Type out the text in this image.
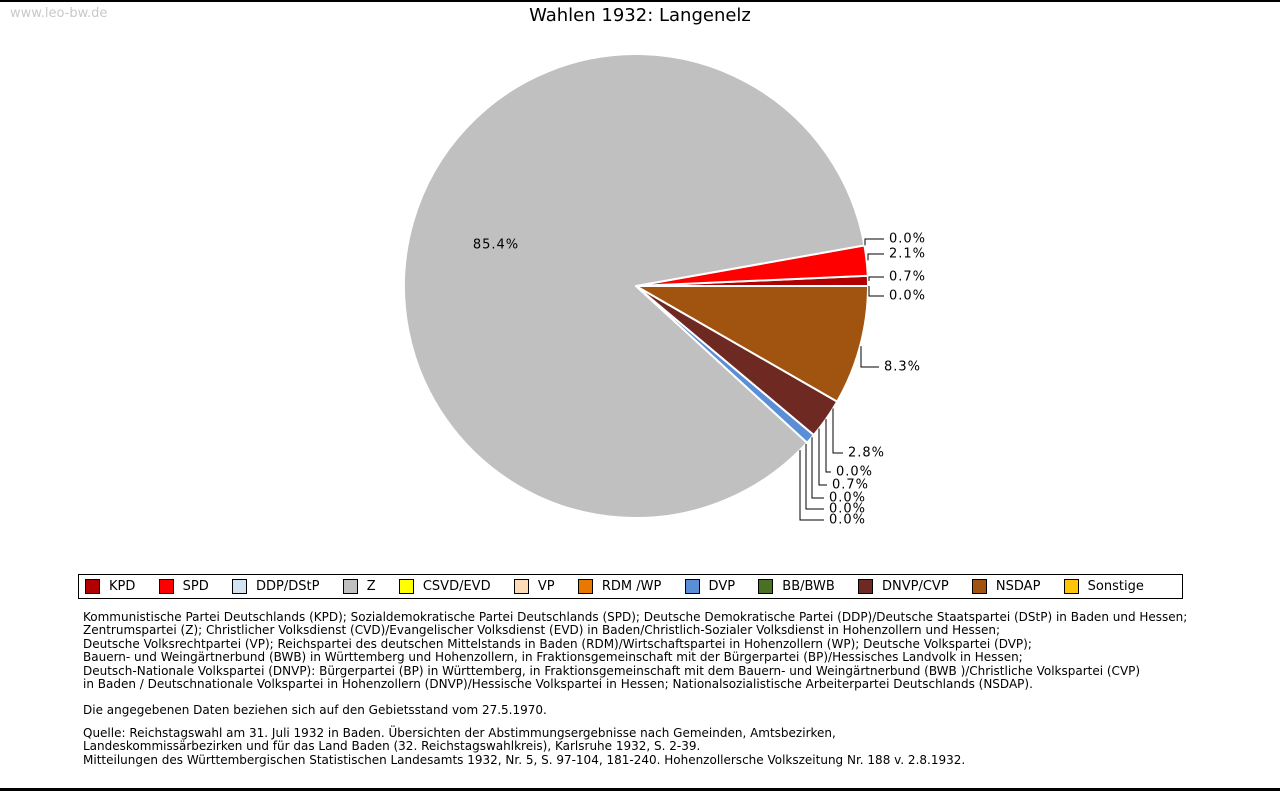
www.leo-bw.de	Wahlen 1932: Langenelz
0.0%
2.1%
0.7%
0.0%
8.3%
2.8%
0.0%
0.7%
0.0%
0.0%
0.0%
85.4%
KPD	SPD	DDP/DStP	Z	CSVD/EVD	VP	RDM /WP	DVP	BB/BWB	DNVP/CVP	NSDAP	Sonstige
Kommunistische Partei Deutschlands (KPD); Sozialdemokratische Partei Deutschlands (SPD); Deutsche Demokratische Partei (DDP)/Deutsche Staatspartei (DStP) in Baden und Hessen;
Zentrumspartei (Z); Christlicher Volksdienst (CVD)/Evangelischer Volksdienst (EVD) in Baden/Christlich-Sozialer Volksdienst in Hohenzollern und Hessen;
Deutsche Volksrechtpartei (VP); Reichspartei des deutschen Mittelstands in Baden (RDM)/Wirtschaftspartei in Hohenzollern (WP); Deutsche Volkspartei (DVP);
Bauern- und Weingärtnerbund (BWB) in Württemberg und Hohenzollern, in Fraktionsgemeinschaft mit der Bürgerpartei (BP)/Hessisches Landvolk in Hessen;
Deutsch-Nationale Volkspartei (DNVP): Bürgerpartei (BP) in Württemberg, in Fraktionsgemeinschaft mit dem Bauern- und Weingärtnerbund (BWB )/Christliche Volkspartei (CVP)
in Baden / Deutschnationale Volkspartei in Hohenzollern (DNVP)/Hessische Volkspartei in Hessen; Nationalsozialistische Arbeiterpartei Deutschlands (NSDAP).
Die angegebenen Daten beziehen sich auf den Gebietsstand vom 27.5.1970.
Quelle: Reichstagswahl am 31. Juli 1932 in Baden. Übersichten der Abstimmungsergebnisse nach Gemeinden, Amtsbezirken,
Landeskommissärbezirken und für das Land Baden (32. Reichstagswahlkreis), Karlsruhe 1932, S. 2-39.
Mitteilungen des Württembergischen Statistischen Landesamts 1932, Nr. 5, S. 97-104, 181-240. Hohenzollersche Volkszeitung Nr. 188 v. 2.8.1932.
